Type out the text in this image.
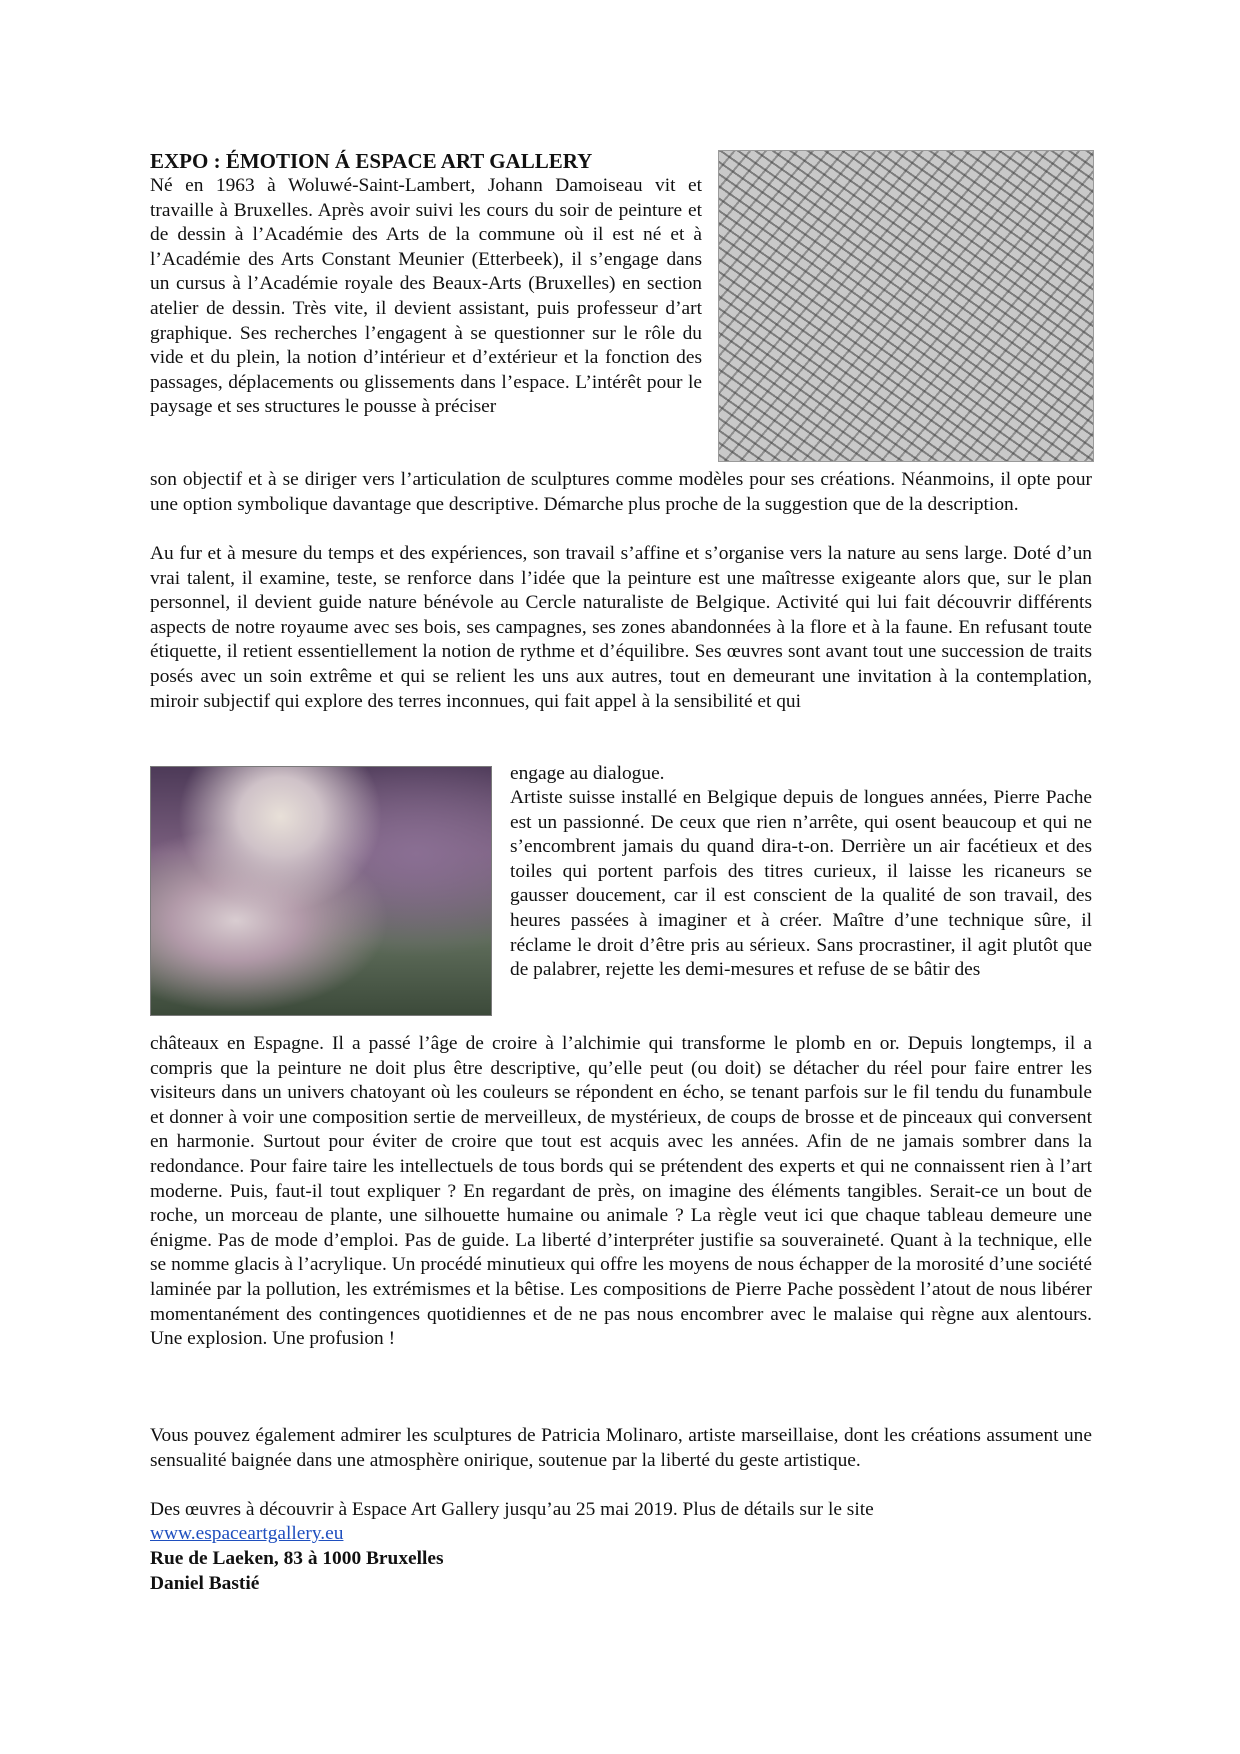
EXPO : ÉMOTION Á ESPACE ART GALLERY

Né en 1963 à Woluwé-Saint-Lambert, Johann Damoiseau vit et travaille à Bruxelles. Après avoir suivi les cours du soir de peinture et de dessin à l’Académie des Arts de la commune où il est né et à l’Académie des Arts Constant Meunier (Etterbeek), il s’engage dans un cursus à l’Académie royale des Beaux-Arts (Bruxelles) en section atelier de dessin. Très vite, il devient assistant, puis professeur d’art graphique. Ses recherches l’engagent à se questionner sur le rôle du vide et du plein, la notion d’intérieur et d’extérieur et la fonction des passages, déplacements ou glissements dans l’espace. L’intérêt pour le paysage et ses structures le pousse à préciser

son objectif et à se diriger vers l’articulation de sculptures comme modèles pour ses créations. Néanmoins, il opte pour une option symbolique davantage que descriptive. Démarche plus proche de la suggestion que de la description.

Au fur et à mesure du temps et des expériences, son travail s’affine et s’organise vers la nature au sens large. Doté d’un vrai talent, il examine, teste, se renforce dans l’idée que la peinture est une maîtresse exigeante alors que, sur le plan personnel, il devient guide nature bénévole au Cercle naturaliste de Belgique. Activité qui lui fait découvrir différents aspects de notre royaume avec ses bois, ses campagnes, ses zones abandonnées à la flore et à la faune. En refusant toute étiquette, il retient essentiellement la notion de rythme et d’équilibre. Ses œuvres sont avant tout une succession de traits posés avec un soin extrême et qui se relient les uns aux autres, tout en demeurant une invitation à la contemplation, miroir subjectif qui explore des terres inconnues, qui fait appel à la sensibilité et qui

engage au dialogue.

Artiste suisse installé en Belgique depuis de longues années, Pierre Pache est un passionné. De ceux que rien n’arrête, qui osent beaucoup et qui ne s’encombrent jamais du quand dira-t-on. Derrière un air facétieux et des toiles qui portent parfois des titres curieux, il laisse les ricaneurs se gausser doucement, car il est conscient de la qualité de son travail, des heures passées à imaginer et à créer. Maître d’une technique sûre, il réclame le droit d’être pris au sérieux. Sans procrastiner, il agit plutôt que de palabrer, rejette les demi-mesures et refuse de se bâtir des

châteaux en Espagne. Il a passé l’âge de croire à l’alchimie qui transforme le plomb en or. Depuis longtemps, il a compris que la peinture ne doit plus être descriptive, qu’elle peut (ou doit) se détacher du réel pour faire entrer les visiteurs dans un univers chatoyant où les couleurs se répondent en écho, se tenant parfois sur le fil tendu du funambule et donner à voir une composition sertie de merveilleux, de mystérieux, de coups de brosse et de pinceaux qui conversent en harmonie. Surtout pour éviter de croire que tout est acquis avec les années. Afin de ne jamais sombrer dans la redondance. Pour faire taire les intellectuels de tous bords qui se prétendent des experts et qui ne connaissent rien à l’art moderne. Puis, faut-il tout expliquer ? En regardant de près, on imagine des éléments tangibles. Serait-ce un bout de roche, un morceau de plante, une silhouette humaine ou animale ? La règle veut ici que chaque tableau demeure une énigme. Pas de mode d’emploi. Pas de guide. La liberté d’interpréter justifie sa souveraineté. Quant à la technique, elle se nomme glacis à l’acrylique. Un procédé minutieux qui offre les moyens de nous échapper de la morosité d’une société laminée par la pollution, les extrémismes et la bêtise. Les compositions de Pierre Pache possèdent l’atout de nous libérer momentanément des contingences quotidiennes et de ne pas nous encombrer avec le malaise qui règne aux alentours. Une explosion. Une profusion !

Vous pouvez également admirer les sculptures de Patricia Molinaro, artiste marseillaise, dont les créations assument une sensualité baignée dans une atmosphère onirique, soutenue par la liberté du geste artistique.

Des œuvres à découvrir à Espace Art Gallery jusqu’au 25 mai 2019. Plus de détails sur le site

www.espaceartgallery.eu
Rue de Laeken, 83 à 1000 Bruxelles
Daniel Bastié
